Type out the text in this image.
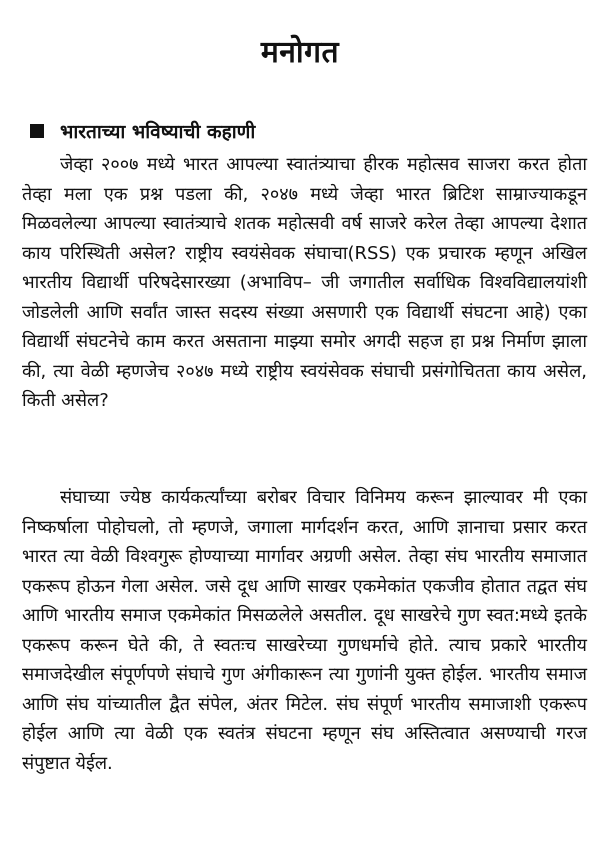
मनोगत
भारताच्या भविष्याची कहाणी

जेव्हा २००७ मध्ये भारत आपल्या स्वातंत्र्याचा हीरक महोत्सव साजरा करत होता तेव्हा मला एक प्रश्न पडला की, २०४७ मध्ये जेव्हा भारत ब्रिटिश साम्राज्याकडून मिळवलेल्या आपल्या स्वातंत्र्याचे शतक महोत्सवी वर्ष साजरे करेल तेव्हा आपल्या देशात काय परिस्थिती असेल? राष्ट्रीय स्वयंसेवक संघाचा(RSS) एक प्रचारक म्हणून अखिल भारतीय विद्यार्थी परिषदेसारख्या (अभाविप– जी जगातील सर्वाधिक विश्वविद्यालयांशी जोडलेली आणि सर्वांत जास्त सदस्य संख्या असणारी एक विद्यार्थी संघटना आहे) एका विद्यार्थी संघटनेचे काम करत असताना माझ्या समोर अगदी सहज हा प्रश्न निर्माण झाला की, त्या वेळी म्हणजेच २०४७ मध्ये राष्ट्रीय स्वयंसेवक संघाची प्रसंगोचितता काय असेल, किती असेल?

संघाच्या ज्येष्ठ कार्यकर्त्यांच्या बरोबर विचार विनिमय करून झाल्यावर मी एका निष्कर्षाला पोहोचलो, तो म्हणजे, जगाला मार्गदर्शन करत, आणि ज्ञानाचा प्रसार करत भारत त्या वेळी विश्वगुरू होण्याच्या मार्गावर अग्रणी असेल. तेव्हा संघ भारतीय समाजात एकरूप होऊन गेला असेल. जसे दूध आणि साखर एकमेकांत एकजीव होतात तद्वत संघ आणि भारतीय समाज एकमेकांत मिसळलेले असतील. दूध साखरेचे गुण स्वत:मध्ये इतके एकरूप करून घेते की, ते स्वतःच साखरेच्या गुणधर्माचे होते. त्याच प्रकारे भारतीय समाजदेखील संपूर्णपणे संघाचे गुण अंगीकारून त्या गुणांनी युक्त होईल. भारतीय समाज आणि संघ यांच्यातील द्वैत संपेल, अंतर मिटेल. संघ संपूर्ण भारतीय समाजाशी एकरूप होईल आणि त्या वेळी एक स्वतंत्र संघटना म्हणून संघ अस्तित्वात असण्याची गरज संपुष्टात येईल.
